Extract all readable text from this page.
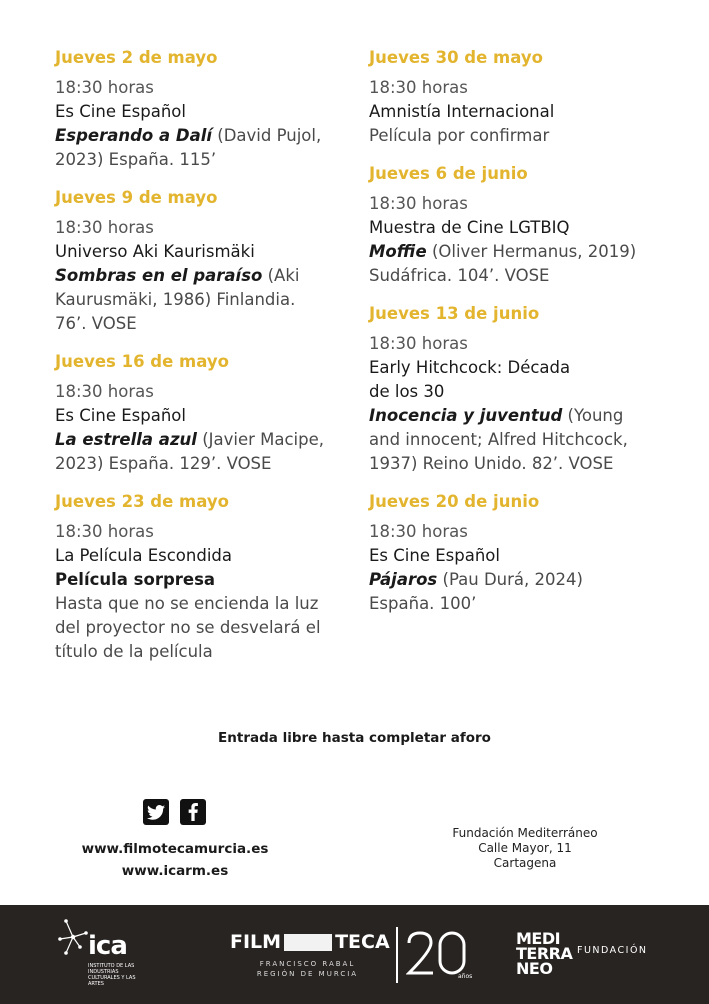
Jueves 2 de mayo
18:30 horas
Es Cine Español
Esperando a Dalí (David Pujol,
2023) España. 115’
Jueves 9 de mayo
18:30 horas
Universo Aki Kaurismäki
Sombras en el paraíso (Aki
Kaurusmäki, 1986) Finlandia.
76’. VOSE
Jueves 16 de mayo
18:30 horas
Es Cine Español
La estrella azul (Javier Macipe,
2023) España. 129’. VOSE
Jueves 23 de mayo
18:30 horas
La Película Escondida
Película sorpresa
Hasta que no se encienda la luz
del proyector no se desvelará el
título de la película
Jueves 30 de mayo
18:30 horas
Amnistía Internacional
Película por confirmar
Jueves 6 de junio
18:30 horas
Muestra de Cine LGTBIQ
Moffie (Oliver Hermanus, 2019)
Sudáfrica. 104’. VOSE
Jueves 13 de junio
18:30 horas
Early Hitchcock: Década
de los 30
Inocencia y juventud (Young
and innocent; Alfred Hitchcock,
1937) Reino Unido. 82’. VOSE
Jueves 20 de junio
18:30 horas
Es Cine Español
Pájaros (Pau Durá, 2024)
España. 100’
Entrada libre hasta completar aforo
www.filmotecamurcia.es
www.icarm.es
Fundación Mediterráneo
Calle Mayor, 11
Cartagena
ica
INSTITUTO DE LAS INDUSTRIAS CULTURALES Y LAS ARTES
FILM	TECA
FRANCISCO RABAL
REGIÓN DE MURCIA	años
MEDI
TERRA
NEO
FUNDACIÓN
